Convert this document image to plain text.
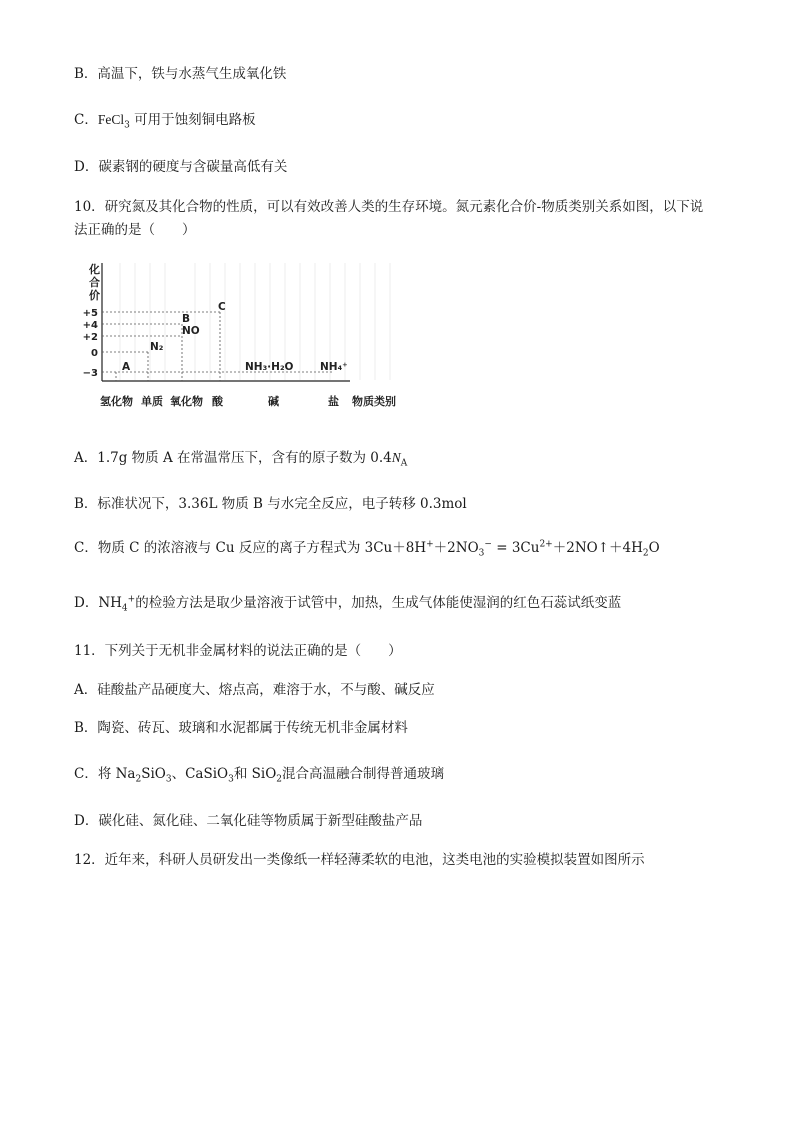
B．高温下，铁与水蒸气生成氧化铁
C．FeCl$_3$ 可用于蚀刻铜电路板
D．碳素钢的硬度与含碳量高低有关
10．研究氮及其化合物的性质，可以有效改善人类的生存环境。氮元素化合价-物质类别关系如图，以下说
法正确的是（　　）
化
合
价
+5
+4
+2
0
−3
A
N₂
B
NO
C
NH₃·H₂O	NH₄⁺
氢化物 单质 氧化物 酸	碱	盐 物质类别
A．1.7g 物质 A 在常温常压下，含有的原子数为 $0.4N_A$
B．标准状况下，3.36L 物质 B 与水完全反应，电子转移 0.3mol
C．物质 C 的浓溶液与 Cu 反应的离子方程式为 $3Cu+8H^++2NO_3^-$ = $3Cu^{2+}+2NO↑+4H_2O$
D．$NH_4^+$的检验方法是取少量溶液于试管中，加热，生成气体能使湿润的红色石蕊试纸变蓝
11．下列关于无机非金属材料的说法正确的是（　　）
A．硅酸盐产品硬度大、熔点高，难溶于水，不与酸、碱反应
B．陶瓷、砖瓦、玻璃和水泥都属于传统无机非金属材料
C．将 $Na_2SiO_3$、CaSiO$_3$和 SiO$_2$混合高温融合制得普通玻璃
D．碳化硅、氮化硅、二氧化硅等物质属于新型硅酸盐产品
12．近年来，科研人员研发出一类像纸一样轻薄柔软的电池，这类电池的实验模拟装置如图所示
